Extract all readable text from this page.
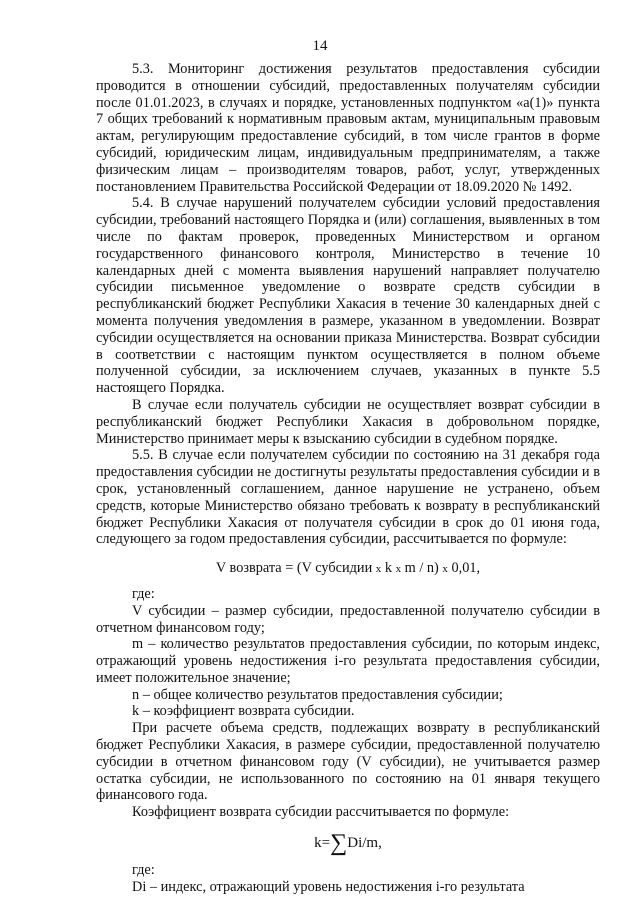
14

5.3. Мониторинг достижения результатов предоставления субсидии проводится в отношении субсидий, предоставленных получателям субсидии после 01.01.2023, в случаях и порядке, установленных подпунктом «а(1)» пункта 7 общих требований к нормативным правовым актам, муниципальным правовым актам, регулирующим предоставление субсидий, в том числе грантов в форме субсидий, юридическим лицам, индивидуальным предпринимателям, а также физическим лицам – производителям товаров, работ, услуг, утвержденных постановлением Правительства Российской Федерации от 18.09.2020 № 1492.

5.4. В случае нарушений получателем субсидии условий предоставления субсидии, требований настоящего Порядка и (или) соглашения, выявленных в том числе по фактам проверок, проведенных Министерством и органом государственного финансового контроля, Министерство в течение 10 календарных дней с момента выявления нарушений направляет получателю субсидии письменное уведомление о возврате средств субсидии в республиканский бюджет Республики Хакасия в течение 30 календарных дней с момента получения уведомления в размере, указанном в уведомлении. Возврат субсидии осуществляется на основании приказа Министерства. Возврат субсидии в соответствии с настоящим пунктом осуществляется в полном объеме полученной субсидии, за исключением случаев, указанных в пункте 5.5 настоящего Порядка.

В случае если получатель субсидии не осуществляет возврат субсидии в республиканский бюджет Республики Хакасия в добровольном порядке, Министерство принимает меры к взысканию субсидии в судебном порядке.

5.5. В случае если получателем субсидии по состоянию на 31 декабря года предоставления субсидии не достигнуты результаты предоставления субсидии и в срок, установленный соглашением, данное нарушение не устранено, объем средств, которые Министерство обязано требовать к возврату в республиканский бюджет Республики Хакасия от получателя субсидии в срок до 01 июня года, следующего за годом предоставления субсидии, рассчитывается по формуле:

V возврата = (V субсидии x k x m / n) x 0,01,

где:

V субсидии – размер субсидии, предоставленной получателю субсидии в отчетном финансовом году;

m – количество результатов предоставления субсидии, по которым индекс, отражающий уровень недостижения i-го результата предоставления субсидии, имеет положительное значение;

n – общее количество результатов предоставления субсидии;

k – коэффициент возврата субсидии.

При расчете объема средств, подлежащих возврату в республиканский бюджет Республики Хакасия, в размере субсидии, предоставленной получателю субсидии в отчетном финансовом году (V субсидии), не учитывается размер остатка субсидии, не использованного по состоянию на 01 января текущего финансового года.

Коэффициент возврата субсидии рассчитывается по формуле:

k=∑Di/m,

где:

Di – индекс, отражающий уровень недостижения i-го результата
